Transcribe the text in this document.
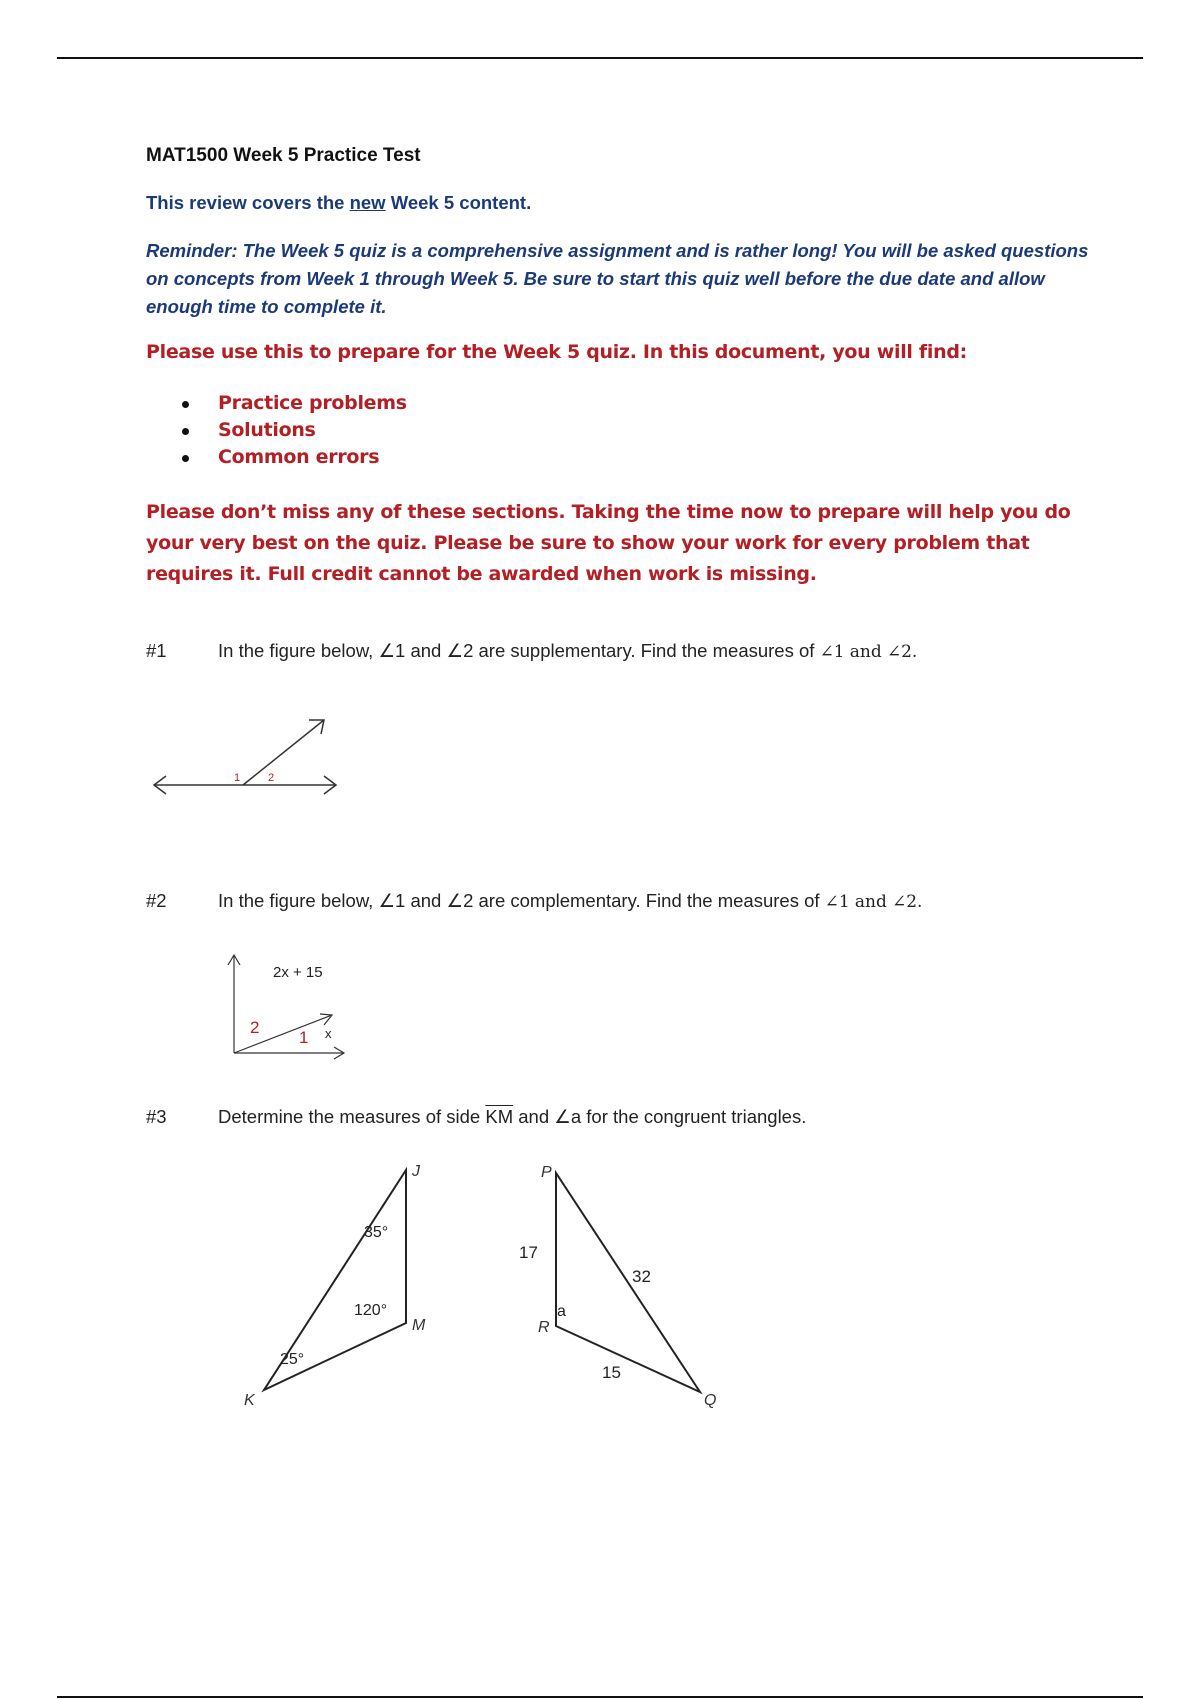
MAT1500 Week 5 Practice Test
This review covers the new Week 5 content.
Reminder: The Week 5 quiz is a comprehensive assignment and is rather long! You will be asked questions on concepts from Week 1 through Week 5. Be sure to start this quiz well before the due date and allow enough time to complete it.
Please use this to prepare for the Week 5 quiz. In this document, you will find:
Practice problems
Solutions
Common errors
Please don’t miss any of these sections. Taking the time now to prepare will help you do your very best on the quiz. Please be sure to show your work for every problem that requires it. Full credit cannot be awarded when work is missing.
#1	In the figure below, ∠1 and ∠2 are supplementary. Find the measures of ∠1 and ∠2.
1	2
#2	In the figure below, ∠1 and ∠2 are complementary. Find the measures of ∠1 and ∠2.
2x + 15
2
1 x
#3	Determine the measures of side $\overline{KM}$ and ∠a for the congruent triangles.
J
M
K
35°
120°
25°
P
R
Q
17
32
15
a
